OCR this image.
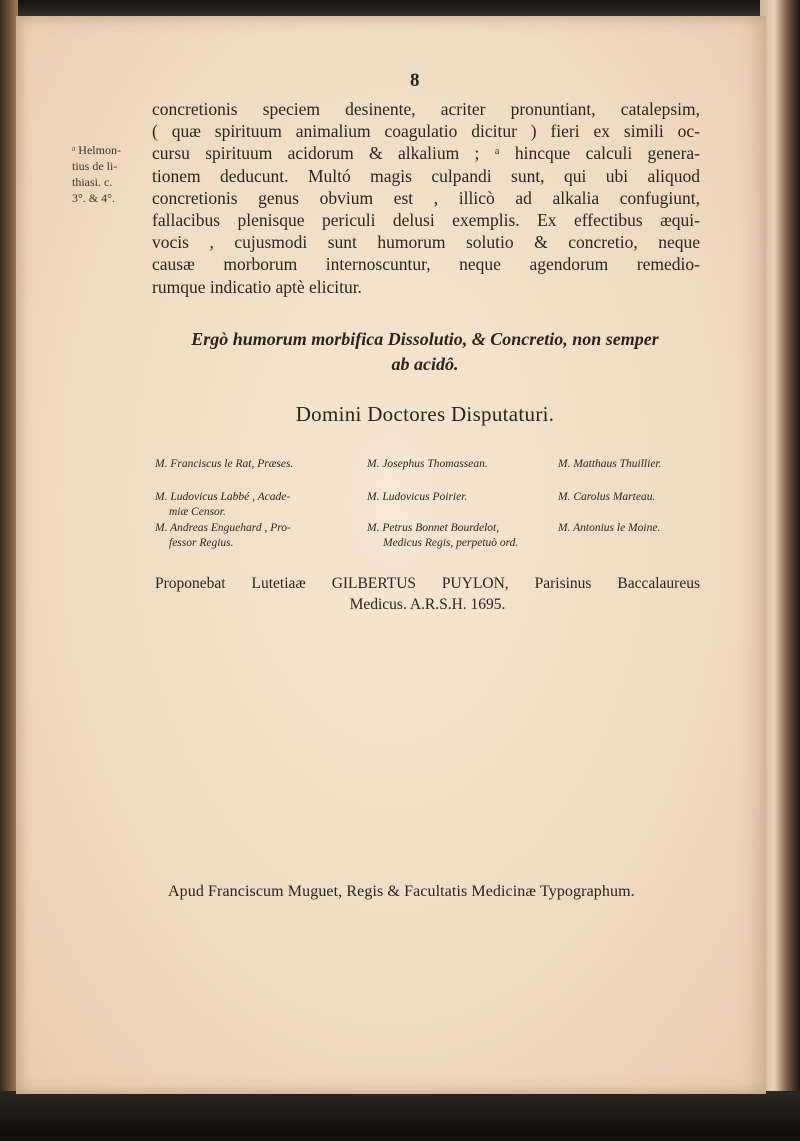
8
ᵃ Helmon-
tius de li-
thiasi. c.
3°. & 4°.
concretionis speciem desinente, acriter pronuntiant, catalepsim,
( quæ spirituum animalium coagulatio dicitur ) fieri ex simili oc-
cursu spirituum acidorum & alkalium ; ᵃ hincque calculi genera-
tionem deducunt. Multó magis culpandi sunt, qui ubi aliquod
concretionis genus obvium est , illicò ad alkalia confugiunt,
fallacibus plenisque periculi delusi exemplis. Ex effectibus æqui-
vocis , cujusmodi sunt humorum solutio & concretio, neque
causæ morborum internoscuntur, neque agendorum remedio-
rumque indicatio aptè elicitur.
Ergò humorum morbifica Dissolutio, & Concretio, non semper
ab acidô.
Domini Doctores Disputaturi.
M. Franciscus le Rat, Præses.
M. Ludovicus Labbé , Acade-
miæ Censor.
M. Andreas Enguehard , Pro-
fessor Regius.
M. Josephus Thomassean.
M. Ludovicus Poirier.
M. Petrus Bonnet Bourdelot,
Medicus Regis, perpetuò ord.
M. Matthaus Thuillier.
M. Carolus Marteau.
M. Antonius le Moine.
Proponebat Lutetiaæ GILBERTUS PUYLON, Parisinus Baccalaureus
Medicus. A.R.S.H. 1695.
Apud Franciscum Muguet, Regis & Facultatis Medicinæ Typographum.
